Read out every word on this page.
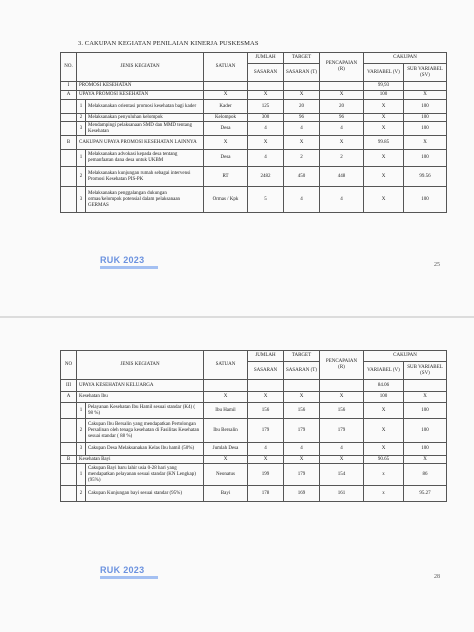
3. CAKUPAN KEGIATAN PENILAIAN KINERJA PUSKESMAS
NO.	JENIS KEGIATAN		SATUAN	JUMLAH	TARGET	PENCAPAIAN (R)	CAKUPAN	
				SASARAN	SASARAN (T)		VARIABEL (V)	SUB VARIABEL (SV)
I	PROMOSI KESEHATAN						99,93	
A	UPAYA PROMOSI KESEHATAN		X	X	X	X	100	X
	1	Melaksanakan orientasi promosi kesehatan bagi kader	Kader	125	20	20	X	100
	2	Melaksanakan penyuluhan kelompok	Kelompok	300	96	96	X	100
	3	Mendampingi pelaksanaan SMD dan MMD tentang Kesehatan	Desa	4	4	4	X	100
B	CAKUPAN UPAYA PROMOSI KESEHATAN LAINNYA		X	X	X	X	99.85	X
	1	Melaksanakan advokasi kepada desa tentang pemanfaatan dana desa untuk UKBM	Desa	4	2	2	X	100
	2	Melaksanakan kunjungan rumah sebagai intervensi Promosi Kesehatan PIS-PK	RT	2482	450	448	X	99.56
	3	Melaksanakan penggalangan dukungan ormas/kelompok potensial dalam pelaksanaan GERMAS	Ormas / Kpk	5	4	4	X	100
RUK 2023	25
NO	JENIS KEGIATAN		SATUAN	JUMLAH	TARGET	PENCAPAIAN (R)	CAKUPAN	
				SASARAN	SASARAN (T)		VARIABEL (V)	SUB VARIABEL (SV)
III	UPAYA KESEHATAN KELUARGA						84.06	
A	Kesehatan Ibu		X	X	X	X	100	X
	1	Pelayanan Kesehatan Ibu Hamil sesuai standar (K4) ( 98 %)	Ibu Hamil	156	156	156	X	100
	2	Cakupan Ibu Bersalin yang mendapatkan Pertolongan Persalinan oleh tenaga kesehatan di Fasilitas Kesehatan sesuai standar ( 88 %)	Ibu Bersalin	179	179	179	X	100
	3	Cakupan Desa Melaksanakan Kelas Ibu hamil (50%)	Jumlah Desa	4	4	4	X	100
B	Kesehatan Bayi		X	X	X	X	90.65	X
	1	Cakupan Bayi baru lahir usia 0-28 hari yang mendapatkan pelayanan sesuai standar (KN Lengkap) (95%)	Neonatus	199	179	154	x	86
	2	Cakupan Kunjungan bayi sesuai standar (95%)	Bayi	178	169	161	x	95.27
RUK 2023
28
